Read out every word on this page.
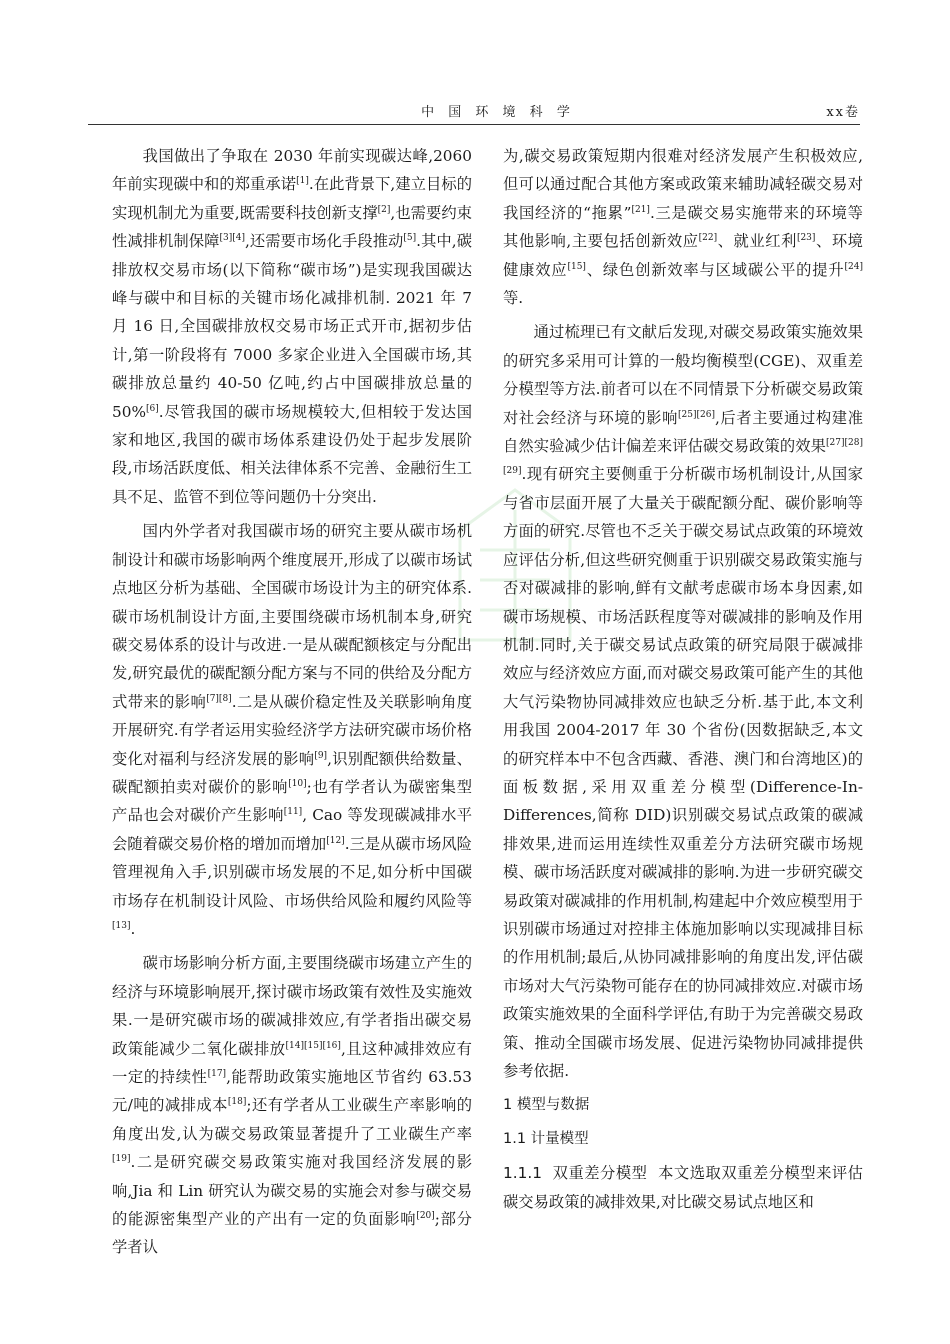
中 国 环 境 科 学	xx卷

我国做出了争取在 2030 年前实现碳达峰,2060 年前实现碳中和的郑重承诺[1].在此背景下,建立目标的实现机制尤为重要,既需要科技创新支撑[2],也需要约束性减排机制保障[3][4],还需要市场化手段推动[5].其中,碳排放权交易市场(以下简称“碳市场”)是实现我国碳达峰与碳中和目标的关键市场化减排机制. 2021 年 7 月 16 日,全国碳排放权交易市场正式开市,据初步估计,第一阶段将有 7000 多家企业进入全国碳市场,其碳排放总量约 40-50 亿吨,约占中国碳排放总量的 50%[6].尽管我国的碳市场规模较大,但相较于发达国家和地区,我国的碳市场体系建设仍处于起步发展阶段,市场活跃度低、相关法律体系不完善、金融衍生工具不足、监管不到位等问题仍十分突出.

国内外学者对我国碳市场的研究主要从碳市场机制设计和碳市场影响两个维度展开,形成了以碳市场试点地区分析为基础、全国碳市场设计为主的研究体系.碳市场机制设计方面,主要围绕碳市场机制本身,研究碳交易体系的设计与改进.一是从碳配额核定与分配出发,研究最优的碳配额分配方案与不同的供给及分配方式带来的影响[7][8].二是从碳价稳定性及关联影响角度开展研究.有学者运用实验经济学方法研究碳市场价格变化对福利与经济发展的影响[9],识别配额供给数量、碳配额拍卖对碳价的影响[10];也有学者认为碳密集型产品也会对碳价产生影响[11], Cao 等发现碳减排水平会随着碳交易价格的增加而增加[12].三是从碳市场风险管理视角入手,识别碳市场发展的不足,如分析中国碳市场存在机制设计风险、市场供给风险和履约风险等[13].

碳市场影响分析方面,主要围绕碳市场建立产生的经济与环境影响展开,探讨碳市场政策有效性及实施效果.一是研究碳市场的碳减排效应,有学者指出碳交易政策能减少二氧化碳排放[14][15][16],且这种减排效应有一定的持续性[17],能帮助政策实施地区节省约 63.53 元/吨的减排成本[18];还有学者从工业碳生产率影响的角度出发,认为碳交易政策显著提升了工业碳生产率[19].二是研究碳交易政策实施对我国经济发展的影响,Jia 和 Lin 研究认为碳交易的实施会对参与碳交易的能源密集型产业的产出有一定的负面影响[20];部分学者认

为,碳交易政策短期内很难对经济发展产生积极效应,但可以通过配合其他方案或政策来辅助减轻碳交易对我国经济的“拖累”[21].三是碳交易实施带来的环境等其他影响,主要包括创新效应[22]、就业红利[23]、环境健康效应[15]、绿色创新效率与区域碳公平的提升[24]等.

通过梳理已有文献后发现,对碳交易政策实施效果的研究多采用可计算的一般均衡模型(CGE)、双重差分模型等方法.前者可以在不同情景下分析碳交易政策对社会经济与环境的影响[25][26],后者主要通过构建准自然实验减少估计偏差来评估碳交易政策的效果[27][28][29].现有研究主要侧重于分析碳市场机制设计,从国家与省市层面开展了大量关于碳配额分配、碳价影响等方面的研究.尽管也不乏关于碳交易试点政策的环境效应评估分析,但这些研究侧重于识别碳交易政策实施与否对碳减排的影响,鲜有文献考虑碳市场本身因素,如碳市场规模、市场活跃程度等对碳减排的影响及作用机制.同时,关于碳交易试点政策的研究局限于碳减排效应与经济效应方面,而对碳交易政策可能产生的其他大气污染物协同减排效应也缺乏分析.基于此,本文利用我国 2004-2017 年 30 个省份(因数据缺乏,本文的研究样本中不包含西藏、香港、澳门和台湾地区)的面板数据,采用双重差分模型(Difference-In-Differences,简称 DID)识别碳交易试点政策的碳减排效果,进而运用连续性双重差分方法研究碳市场规模、碳市场活跃度对碳减排的影响.为进一步研究碳交易政策对碳减排的作用机制,构建起中介效应模型用于识别碳市场通过对控排主体施加影响以实现减排目标的作用机制;最后,从协同减排影响的角度出发,评估碳市场对大气污染物可能存在的协同减排效应.对碳市场政策实施效果的全面科学评估,有助于为完善碳交易政策、推动全国碳市场发展、促进污染物协同减排提供参考依据.

1 模型与数据

1.1 计量模型

1.1.1 双重差分模型 本文选取双重差分模型来评估碳交易政策的减排效果,对比碳交易试点地区和
